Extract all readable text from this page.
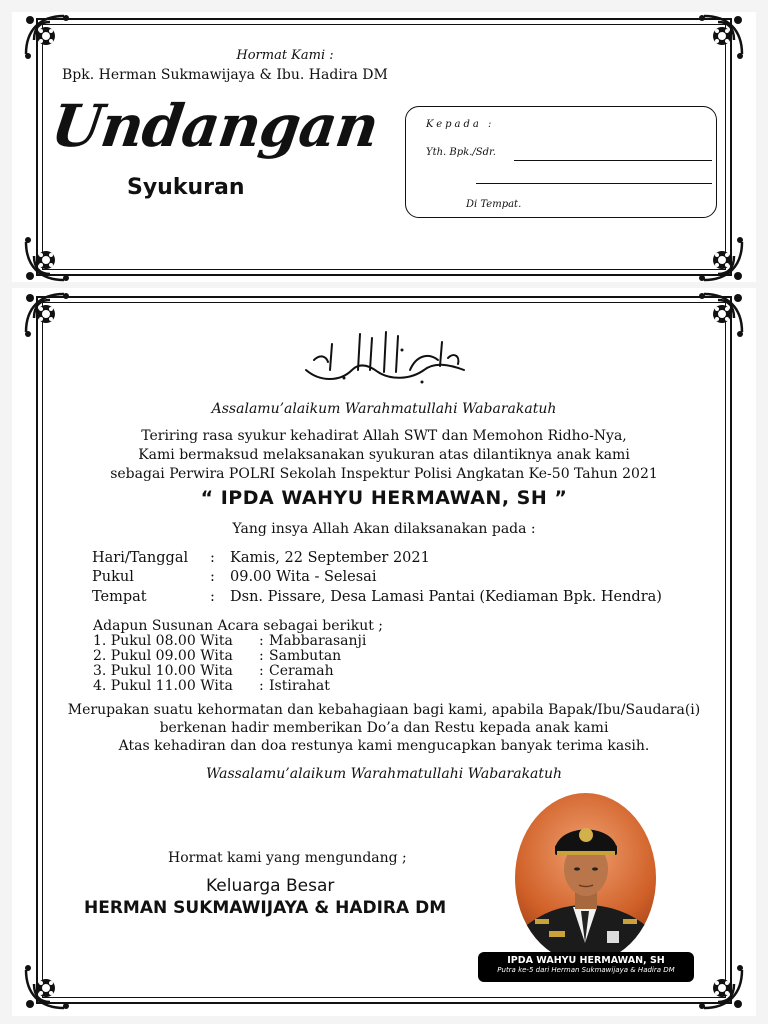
Hormat Kami :
Bpk. Herman Sukmawijaya & Ibu. Hadira DM
Undangan
Syukuran
Kepada :
Yth. Bpk./Sdr.
Di Tempat.
Assalamu’alaikum Warahmatullahi Wabarakatuh
Teriring rasa syukur kehadirat Allah SWT dan Memohon Ridho-Nya,
Kami bermaksud melaksanakan syukuran atas dilantiknya anak kami
sebagai Perwira POLRI Sekolah Inspektur Polisi Angkatan Ke-50 Tahun 2021
“ IPDA WAHYU HERMAWAN, SH ”
Yang insya Allah Akan dilaksanakan pada :
Hari/Tanggal : Kamis, 22 September 2021
Pukul	: 09.00 Wita - Selesai
Tempat	: Dsn. Pissare, Desa Lamasi Pantai (Kediaman Bpk. Hendra)
Adapun Susunan Acara sebagai berikut ;
1. Pukul 08.00 Wita : Mabbarasanji
2. Pukul 09.00 Wita : Sambutan
3. Pukul 10.00 Wita : Ceramah
4. Pukul 11.00 Wita : Istirahat
Merupakan suatu kehormatan dan kebahagiaan bagi kami, apabila Bapak/Ibu/Saudara(i)
berkenan hadir memberikan Do’a dan Restu kepada anak kami
Atas kehadiran dan doa restunya kami mengucapkan banyak terima kasih.
Wassalamu’alaikum Warahmatullahi Wabarakatuh
Hormat kami yang mengundang ;
Keluarga Besar
HERMAN SUKMAWIJAYA & HADIRA DM
IPDA WAHYU HERMAWAN, SH
Putra ke-5 dari Herman Sukmawijaya & Hadira DM
